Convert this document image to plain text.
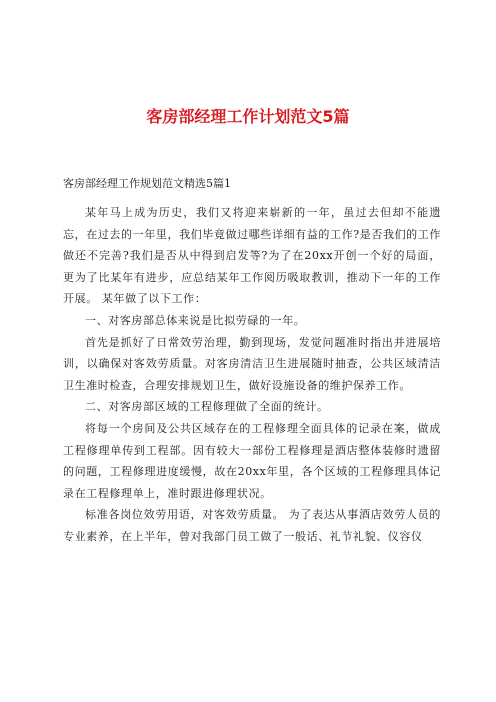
客房部经理工作计划范文5篇
客房部经理工作规划范文精选5篇1

某年马上成为历史，我们又将迎来崭新的一年，虽过去但却不能遗忘，在过去的一年里，我们毕竟做过哪些详细有益的工作?是否我们的工作做还不完善?我们是否从中得到启发等?为了在20xx开创一个好的局面，更为了比某年有进步，应总结某年工作阅历吸取教训，推动下一年的工作开展。 某年做了以下工作：

一、对客房部总体来说是比拟劳碌的一年。

首先是抓好了日常效劳治理，勤到现场，发觉问题准时指出并进展培训，以确保对客效劳质量。对客房清洁卫生进展随时抽查，公共区域清洁卫生准时检查，合理安排规划卫生，做好设施设备的维护保养工作。

二、对客房部区域的工程修理做了全面的统计。

将每一个房间及公共区域存在的工程修理全面具体的记录在案，做成工程修理单传到工程部。因有较大一部份工程修理是酒店整体装修时遗留的问题，工程修理进度缓慢，故在20xx年里，各个区域的工程修理具体记录在工程修理单上，准时跟进修理状况。

标准各岗位效劳用语，对客效劳质量。 为了表达从事酒店效劳人员的专业素养，在上半年，曾对我部门员工做了一般话、礼节礼貌、仪容仪
